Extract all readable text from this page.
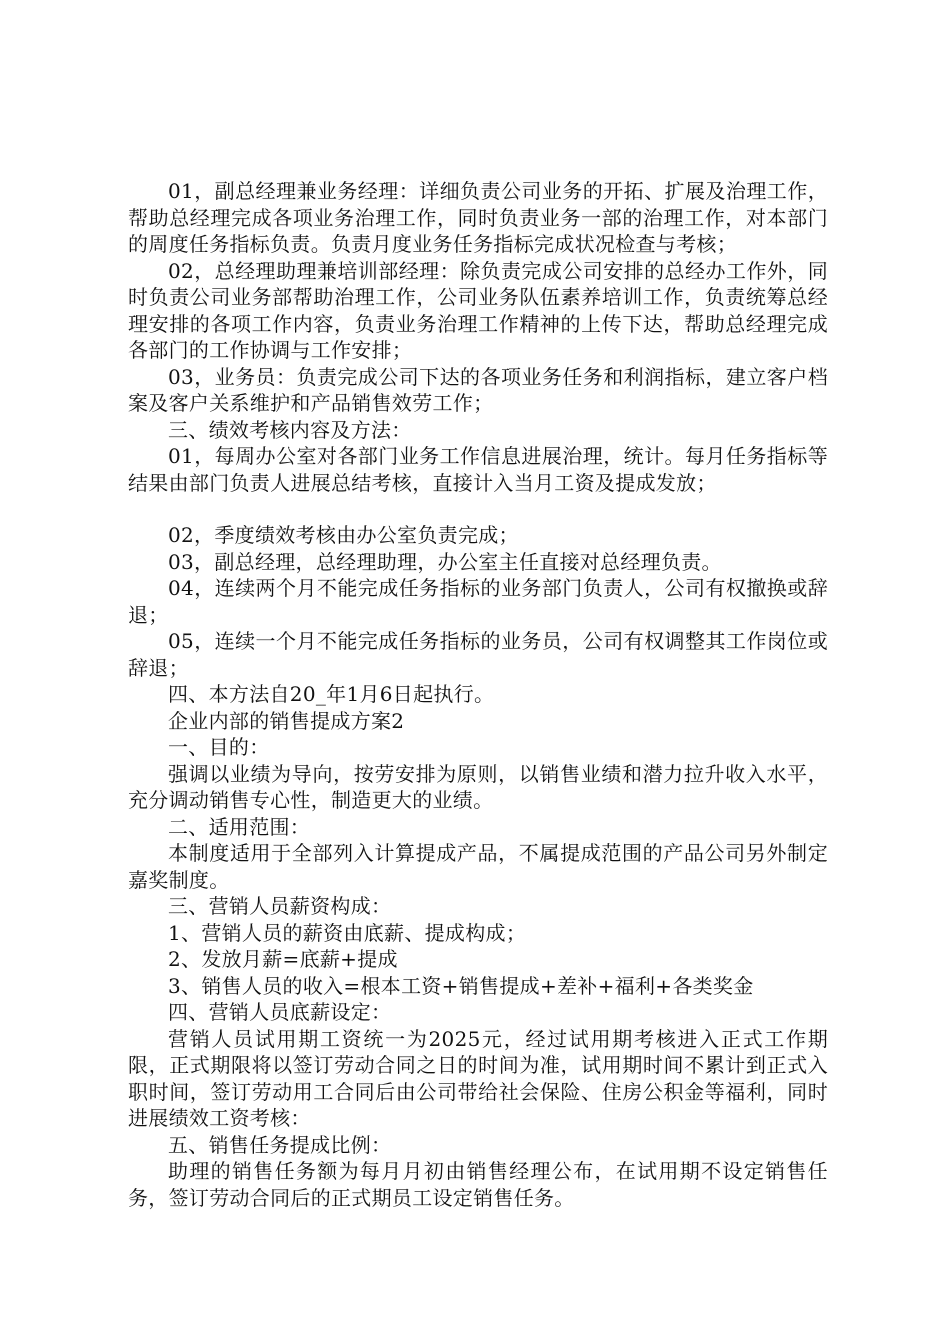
01，副总经理兼业务经理：详细负责公司业务的开拓、扩展及治理工作，帮助总经理完成各项业务治理工作，同时负责业务一部的治理工作，对本部门的周度任务指标负责。负责月度业务任务指标完成状况检查与考核；

02，总经理助理兼培训部经理：除负责完成公司安排的总经办工作外，同时负责公司业务部帮助治理工作，公司业务队伍素养培训工作，负责统筹总经理安排的各项工作内容，负责业务治理工作精神的上传下达，帮助总经理完成各部门的工作协调与工作安排；

03，业务员：负责完成公司下达的各项业务任务和利润指标，建立客户档案及客户关系维护和产品销售效劳工作；

三、绩效考核内容及方法：

01，每周办公室对各部门业务工作信息进展治理，统计。每月任务指标等结果由部门负责人进展总结考核，直接计入当月工资及提成发放；

02，季度绩效考核由办公室负责完成；

03，副总经理，总经理助理，办公室主任直接对总经理负责。

04，连续两个月不能完成任务指标的业务部门负责人，公司有权撤换或辞退；

05，连续一个月不能完成任务指标的业务员，公司有权调整其工作岗位或辞退；

四、本方法自20_年1月6日起执行。

企业内部的销售提成方案2

一、目的：

强调以业绩为导向，按劳安排为原则，以销售业绩和潜力拉升收入水平，充分调动销售专心性，制造更大的业绩。

二、适用范围：

本制度适用于全部列入计算提成产品，不属提成范围的产品公司另外制定嘉奖制度。

三、营销人员薪资构成：

1、营销人员的薪资由底薪、提成构成；

2、发放月薪=底薪+提成

3、销售人员的收入=根本工资+销售提成+差补+福利+各类奖金

四、营销人员底薪设定：

营销人员试用期工资统一为2025元，经过试用期考核进入正式工作期限，正式期限将以签订劳动合同之日的时间为准，试用期时间不累计到正式入职时间，签订劳动用工合同后由公司带给社会保险、住房公积金等福利，同时进展绩效工资考核：

五、销售任务提成比例：

助理的销售任务额为每月月初由销售经理公布，在试用期不设定销售任务，签订劳动合同后的正式期员工设定销售任务。
